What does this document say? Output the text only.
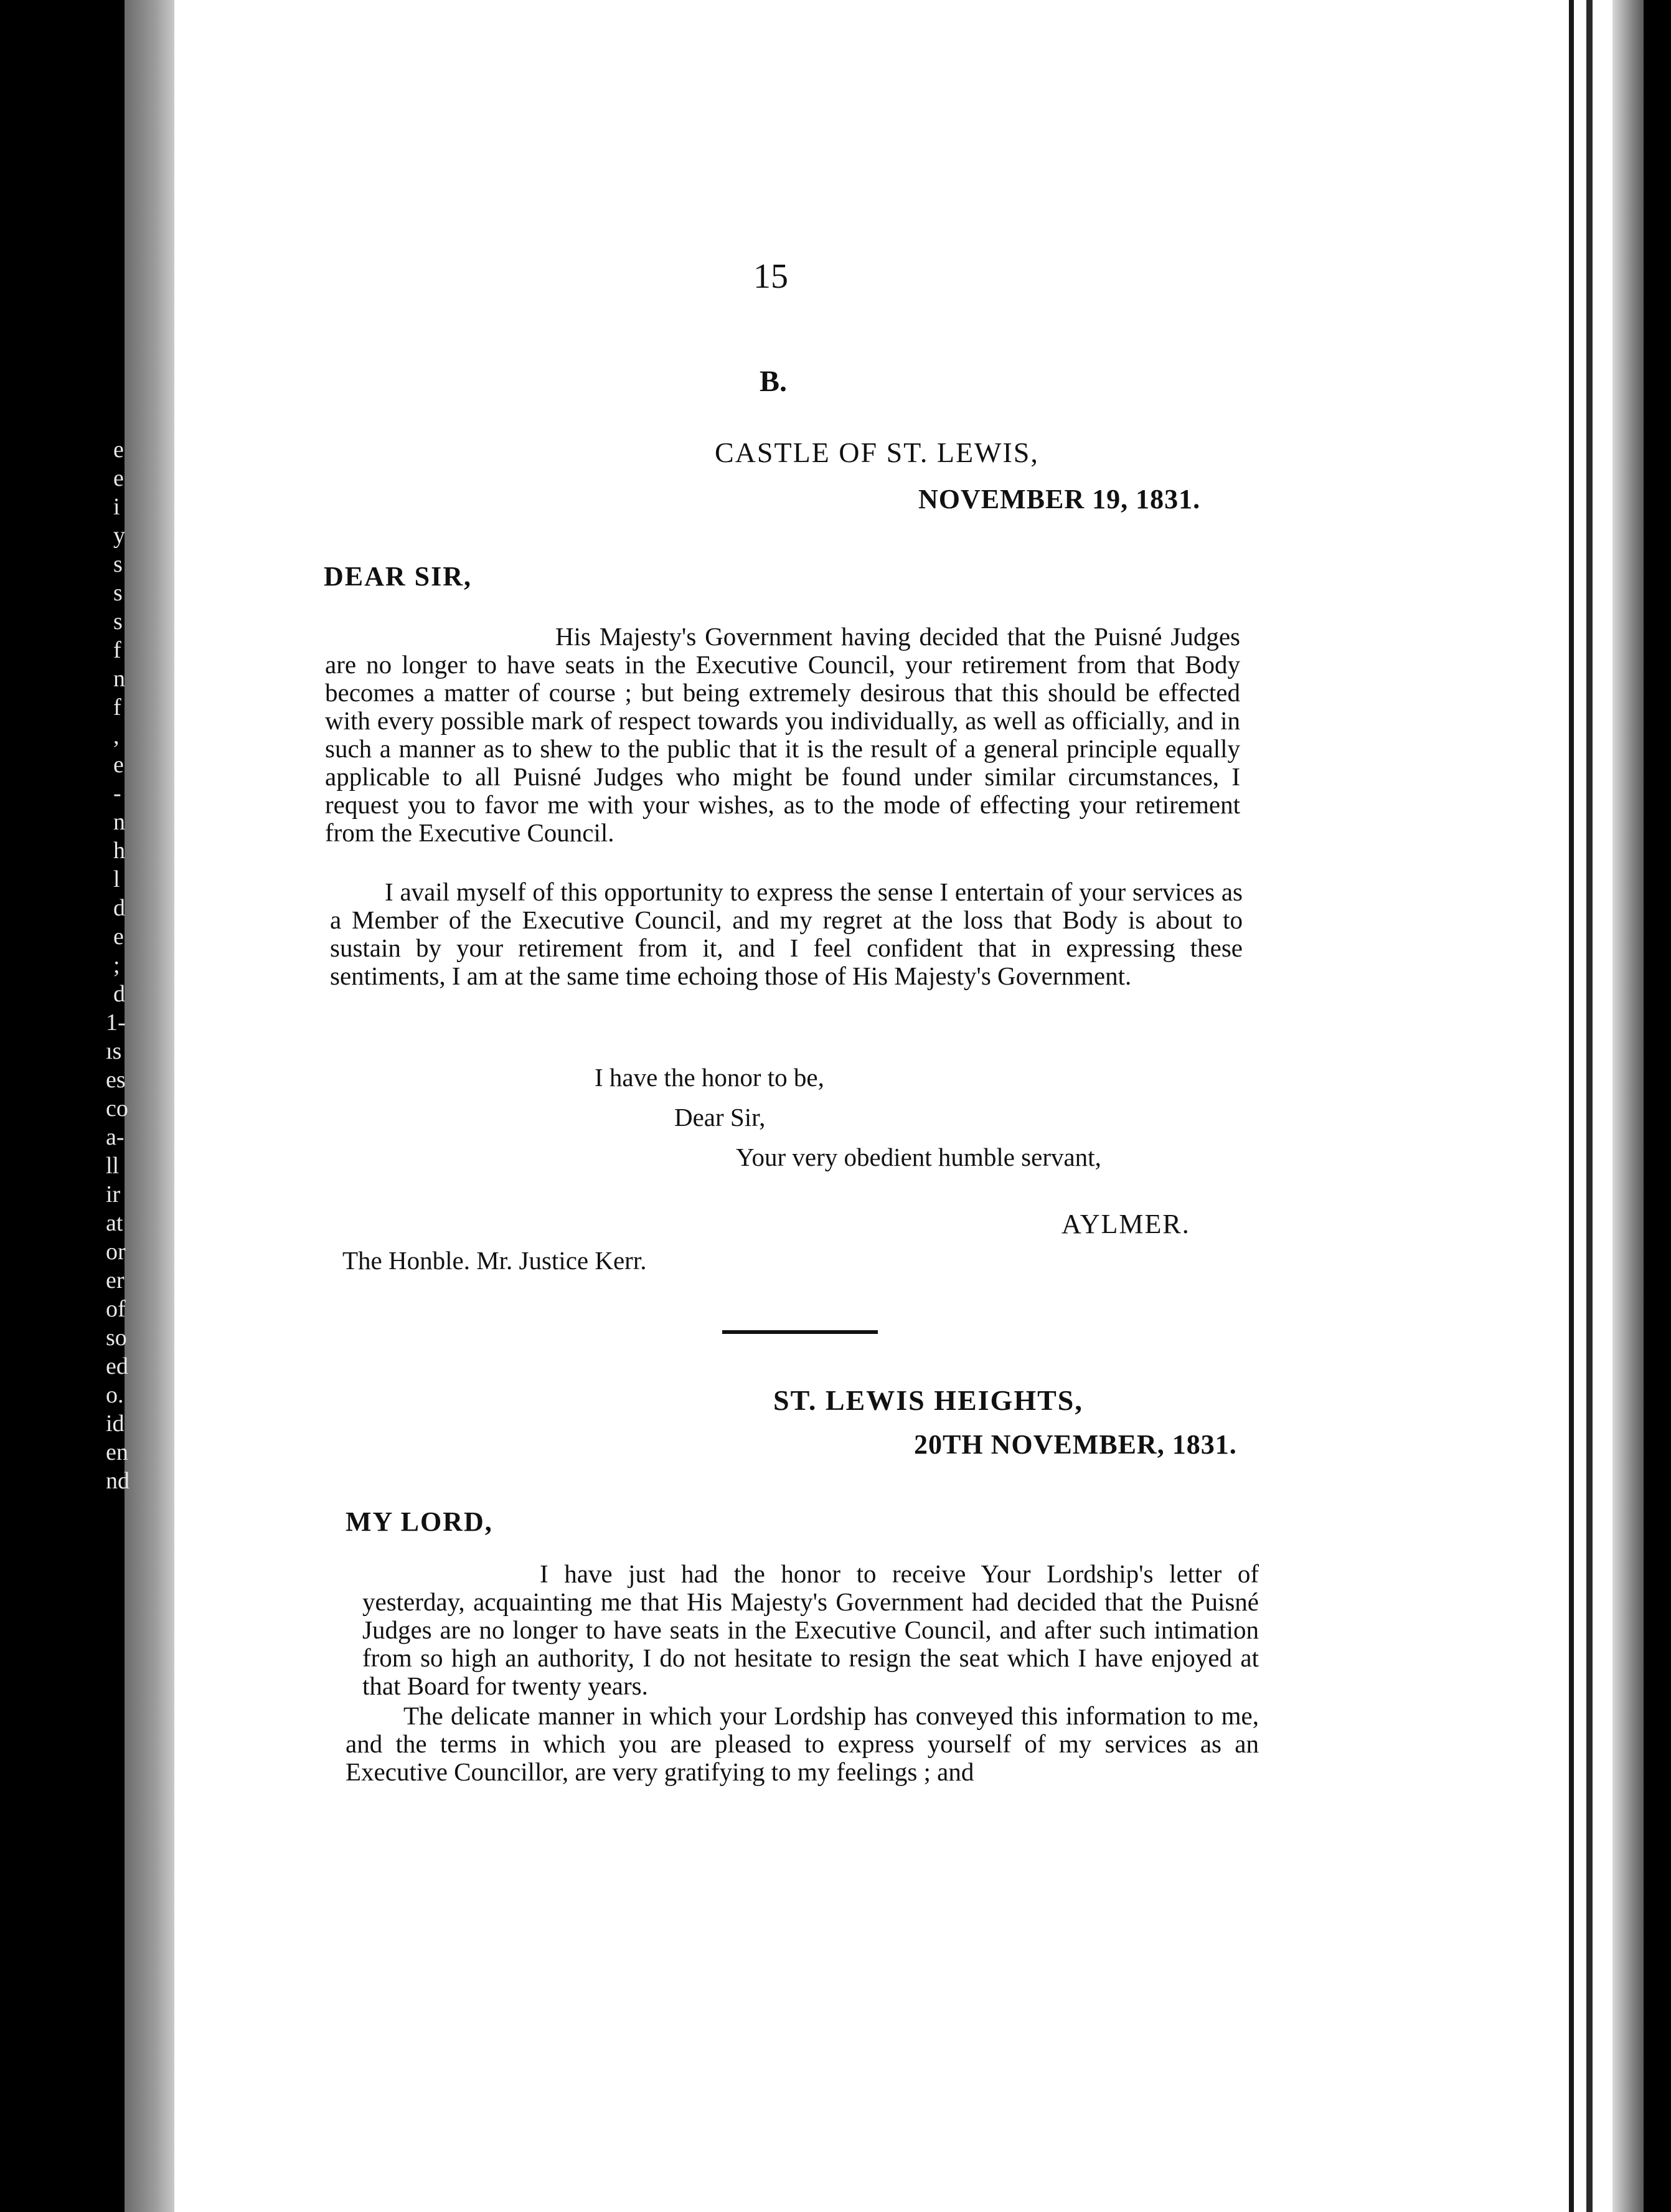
e
e
i
y
s
s
s
f
n
f
,
e
-
n
h
l
d
e
;
d
1-
ıs
es
co
a-
ll
ir
at
or
er
of
so
ed
o.
id
en
nd
15
B.
CASTLE OF ST. LEWIS,
NOVEMBER 19, 1831.
DEAR SIR,

His Majesty's Government having decided that the Puisné Judges are no longer to have seats in the Executive Council, your retirement from that Body becomes a matter of course ; but being extremely desirous that this should be effected with every possible mark of respect towards you individually, as well as officially, and in such a manner as to shew to the public that it is the result of a general principle equally applicable to all Puisné Judges who might be found under similar circumstances, I request you to favor me with your wishes, as to the mode of effecting your retirement from the Executive Council.

I avail myself of this opportunity to express the sense I entertain of your services as a Member of the Executive Council, and my regret at the loss that Body is about to sustain by your retirement from it, and I feel confident that in expressing these sentiments, I am at the same time echoing those of His Majesty's Government.

I have the honor to be,
Dear Sir,
Your very obedient humble servant,
AYLMER.
The Honble. Mr. Justice Kerr.
ST. LEWIS HEIGHTS,
20TH NOVEMBER, 1831.
MY LORD,

I have just had the honor to receive Your Lordship's letter of yesterday, acquainting me that His Majesty's Government had decided that the Puisné Judges are no longer to have seats in the Executive Council, and after such intimation from so high an authority, I do not hesitate to resign the seat which I have enjoyed at that Board for twenty years.

The delicate manner in which your Lordship has conveyed this information to me, and the terms in which you are pleased to express yourself of my services as an Executive Councillor, are very gratifying to my feelings ; and
